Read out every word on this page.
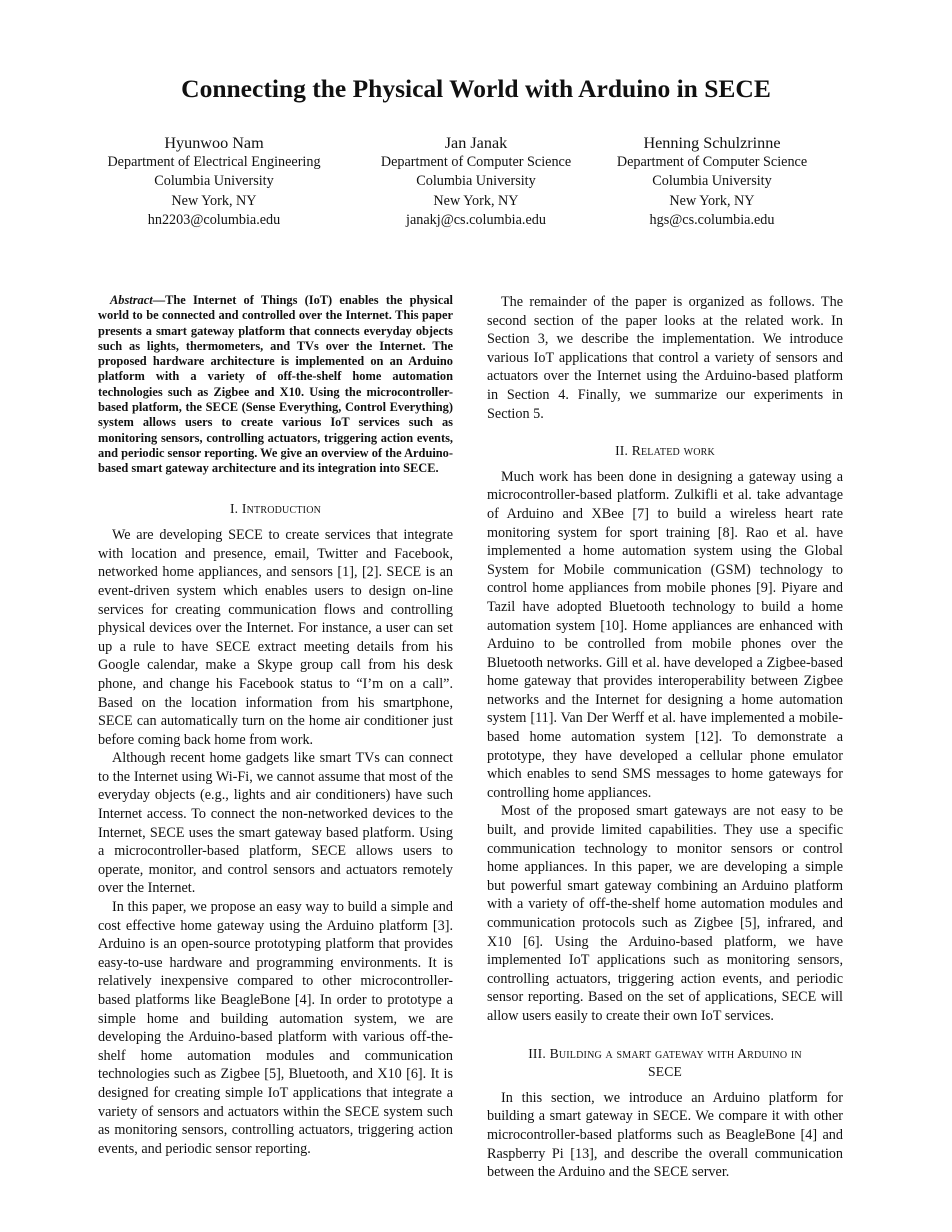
Connecting the Physical World with Arduino in SECE
Hyunwoo Nam
Department of Electrical Engineering
Columbia University
New York, NY
hn2203@columbia.edu
Jan Janak
Department of Computer Science
Columbia University
New York, NY
janakj@cs.columbia.edu
Henning Schulzrinne
Department of Computer Science
Columbia University
New York, NY
hgs@cs.columbia.edu

Abstract—The Internet of Things (IoT) enables the physical world to be connected and controlled over the Internet. This paper presents a smart gateway platform that connects everyday objects such as lights, thermometers, and TVs over the Internet. The proposed hardware architecture is implemented on an Arduino platform with a variety of off-the-shelf home automation technologies such as Zigbee and X10. Using the microcontroller-based platform, the SECE (Sense Everything, Control Everything) system allows users to create various IoT services such as monitoring sensors, controlling actuators, triggering action events, and periodic sensor reporting. We give an overview of the Arduino-based smart gateway architecture and its integration into SECE.

I. Introduction

We are developing SECE to create services that integrate with location and presence, email, Twitter and Facebook, networked home appliances, and sensors [1], [2]. SECE is an event-driven system which enables users to design on-line services for creating communication flows and controlling physical devices over the Internet. For instance, a user can set up a rule to have SECE extract meeting details from his Google calendar, make a Skype group call from his desk phone, and change his Facebook status to “I’m on a call”. Based on the location information from his smartphone, SECE can automatically turn on the home air conditioner just before coming back home from work.

Although recent home gadgets like smart TVs can connect to the Internet using Wi-Fi, we cannot assume that most of the everyday objects (e.g., lights and air conditioners) have such Internet access. To connect the non-networked devices to the Internet, SECE uses the smart gateway based platform. Using a microcontroller-based platform, SECE allows users to operate, monitor, and control sensors and actuators remotely over the Internet.

In this paper, we propose an easy way to build a simple and cost effective home gateway using the Arduino platform [3]. Arduino is an open-source prototyping platform that provides easy-to-use hardware and programming environments. It is relatively inexpensive compared to other microcontroller-based platforms like BeagleBone [4]. In order to prototype a simple home and building automation system, we are developing the Arduino-based platform with various off-the-shelf home automation modules and communication technologies such as Zigbee [5], Bluetooth, and X10 [6]. It is designed for creating simple IoT applications that integrate a variety of sensors and actuators within the SECE system such as monitoring sensors, controlling actuators, triggering action events, and periodic sensor reporting.

The remainder of the paper is organized as follows. The second section of the paper looks at the related work. In Section 3, we describe the implementation. We introduce various IoT applications that control a variety of sensors and actuators over the Internet using the Arduino-based platform in Section 4. Finally, we summarize our experiments in Section 5.

II. Related work

Much work has been done in designing a gateway using a microcontroller-based platform. Zulkifli et al. take advantage of Arduino and XBee [7] to build a wireless heart rate monitoring system for sport training [8]. Rao et al. have implemented a home automation system using the Global System for Mobile communication (GSM) technology to control home appliances from mobile phones [9]. Piyare and Tazil have adopted Bluetooth technology to build a home automation system [10]. Home appliances are enhanced with Arduino to be controlled from mobile phones over the Bluetooth networks. Gill et al. have developed a Zigbee-based home gateway that provides interoperability between Zigbee networks and the Internet for designing a home automation system [11]. Van Der Werff et al. have implemented a mobile-based home automation system [12]. To demonstrate a prototype, they have developed a cellular phone emulator which enables to send SMS messages to home gateways for controlling home appliances.

Most of the proposed smart gateways are not easy to be built, and provide limited capabilities. They use a specific communication technology to monitor sensors or control home appliances. In this paper, we are developing a simple but powerful smart gateway combining an Arduino platform with a variety of off-the-shelf home automation modules and communication protocols such as Zigbee [5], infrared, and X10 [6]. Using the Arduino-based platform, we have implemented IoT applications such as monitoring sensors, controlling actuators, triggering action events, and periodic sensor reporting. Based on the set of applications, SECE will allow users easily to create their own IoT services.

III. Building a smart gateway with Arduino in
SECE

In this section, we introduce an Arduino platform for building a smart gateway in SECE. We compare it with other microcontroller-based platforms such as BeagleBone [4] and Raspberry Pi [13], and describe the overall communication between the Arduino and the SECE server.
